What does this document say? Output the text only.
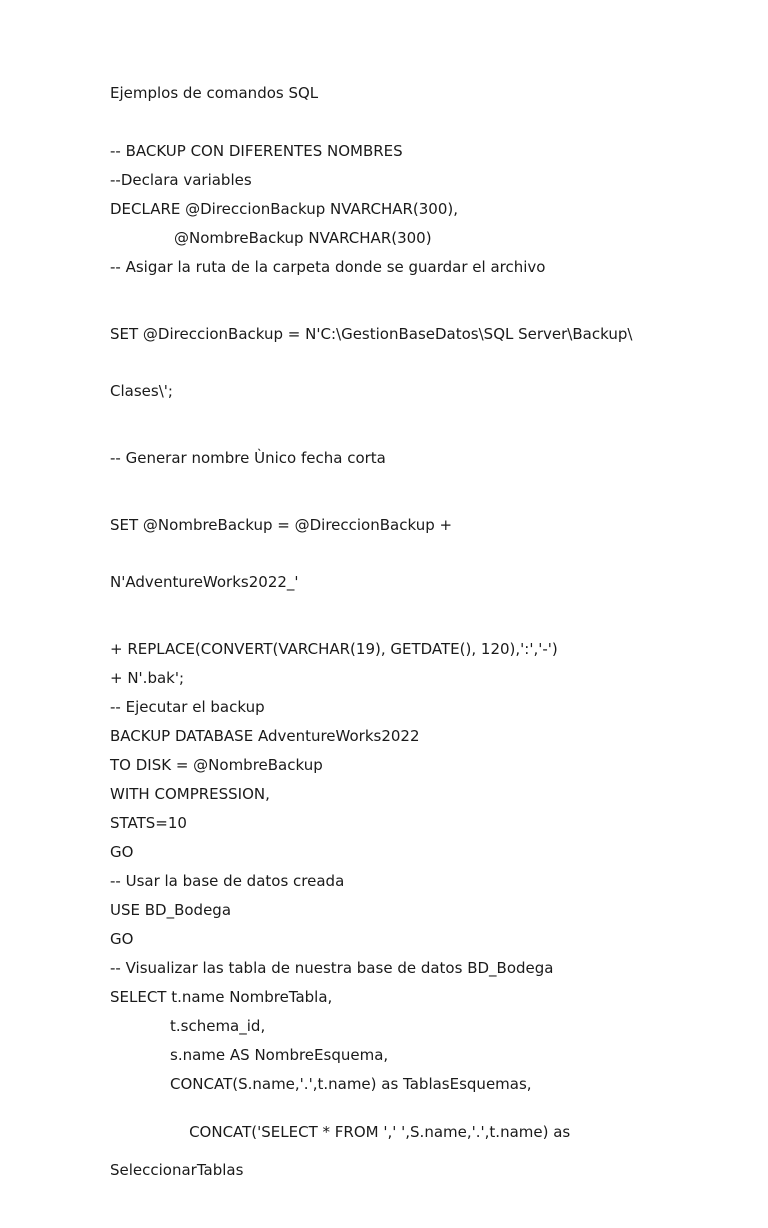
Ejemplos de comandos SQL
-- BACKUP CON DIFERENTES NOMBRES
--Declara variables
DECLARE @DireccionBackup NVARCHAR(300),
@NombreBackup NVARCHAR(300)
-- Asigar la ruta de la carpeta donde se guardar el archivo

SET @DireccionBackup = N'C:\GestionBaseDatos\SQL Server\Backup\

Clases\';

-- Generar nombre Ùnico fecha corta

SET @NombreBackup = @DireccionBackup +

N'AdventureWorks2022_'

+ REPLACE(CONVERT(VARCHAR(19), GETDATE(), 120),':','-')
+ N'.bak';
-- Ejecutar el backup
BACKUP DATABASE AdventureWorks2022
TO DISK = @NombreBackup
WITH COMPRESSION,
STATS=10
GO
-- Usar la base de datos creada
USE BD_Bodega
GO
-- Visualizar las tabla de nuestra base de datos BD_Bodega
SELECT t.name NombreTabla,
t.schema_id,
s.name AS NombreEsquema,
CONCAT(S.name,'.',t.name) as TablasEsquemas,

CONCAT('SELECT * FROM ',' ',S.name,'.',t.name) as

SeleccionarTablas
